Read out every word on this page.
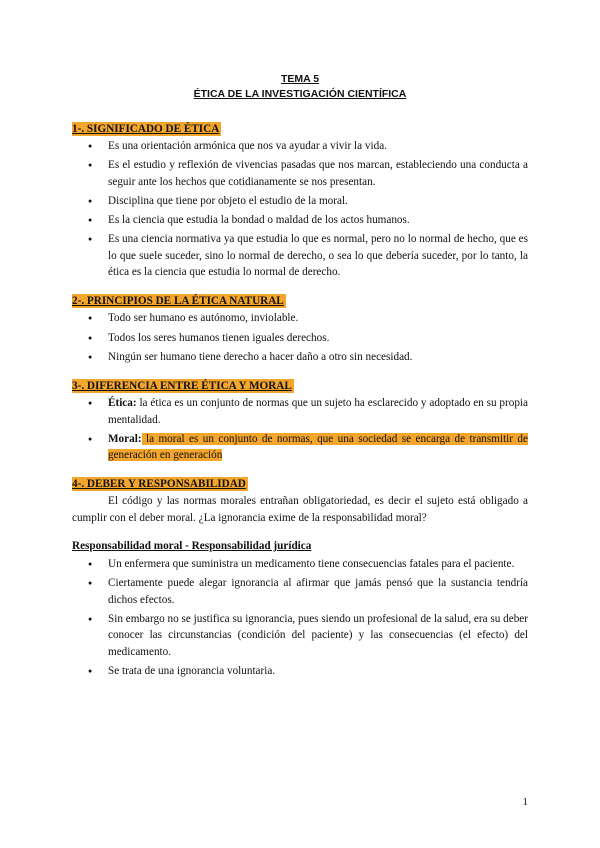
TEMA 5
ÉTICA DE LA INVESTIGACIÓN CIENTÍFICA
1-. SIGNIFICADO DE ÉTICA
● Es una orientación armónica que nos va ayudar a vivir la vida.
● Es el estudio y reflexión de vivencias pasadas que nos marcan, estableciendo una conducta a seguir ante los hechos que cotidianamente se nos presentan.
● Disciplina que tiene por objeto el estudio de la moral.
● Es la ciencia que estudia la bondad o maldad de los actos humanos.
● Es una ciencia normativa ya que estudia lo que es normal, pero no lo normal de hecho, que es lo que suele suceder, sino lo normal de derecho, o sea lo que debería suceder, por lo tanto, la ética es la ciencia que estudia lo normal de derecho.
2-. PRINCIPIOS DE LA ÉTICA NATURAL
● Todo ser humano es autónomo, inviolable.
● Todos los seres humanos tienen iguales derechos.
● Ningún ser humano tiene derecho a hacer daño a otro sin necesidad.
3-. DIFERENCIA ENTRE ÉTICA Y MORAL
● Ética: la ética es un conjunto de normas que un sujeto ha esclarecido y adoptado en su propia mentalidad.
● Moral: la moral es un conjunto de normas, que una sociedad se encarga de transmitir de generación en generación
4-. DEBER Y RESPONSABILIDAD
El código y las normas morales entrañan obligatoriedad, es decir el sujeto está obligado a cumplir con el deber moral. ¿La ignorancia exime de la responsabilidad moral?
Responsabilidad moral - Responsabilidad jurídica
● Un enfermera que suministra un medicamento tiene consecuencias fatales para el paciente.
● Ciertamente puede alegar ignorancia al afirmar que jamás pensó que la sustancia tendría dichos efectos.
● Sin embargo no se justifica su ignorancia, pues siendo un profesional de la salud, era su deber conocer las circunstancias (condición del paciente) y las consecuencias (el efecto) del medicamento.
● Se trata de una ignorancia voluntaria.
1
